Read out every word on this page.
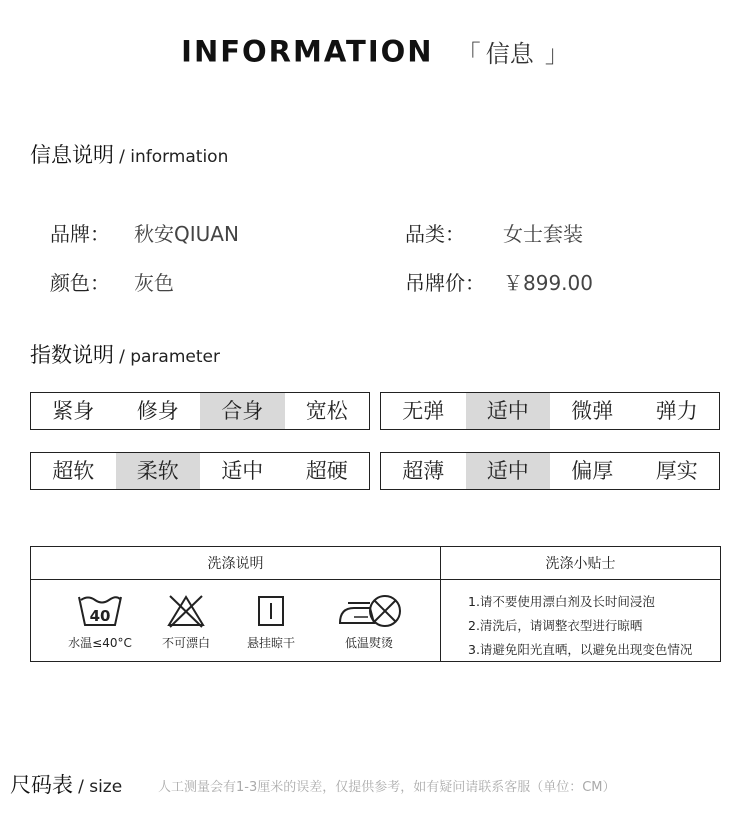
INFORMATION 「 信息 」
信息说明 / information
品牌： 秋安QIUAN	品类： 女士套装
颜色： 灰色	吊牌价： ￥899.00
指数说明 / parameter
紧身	修身	合身	宽松	无弹	适中	微弹	弹力
超软	柔软	适中	超硬	超薄	适中	偏厚	厚实
洗涤说明
40
水温≤40°C	不可漂白	悬挂晾干	低温熨烫
洗涤小贴士
1.请不要使用漂白剂及长时间浸泡
2.清洗后，请调整衣型进行晾晒
3.请避免阳光直晒，以避免出现变色情况
尺码表 / size	人工测量会有1-3厘米的误差，仅提供参考，如有疑问请联系客服（单位：CM）
